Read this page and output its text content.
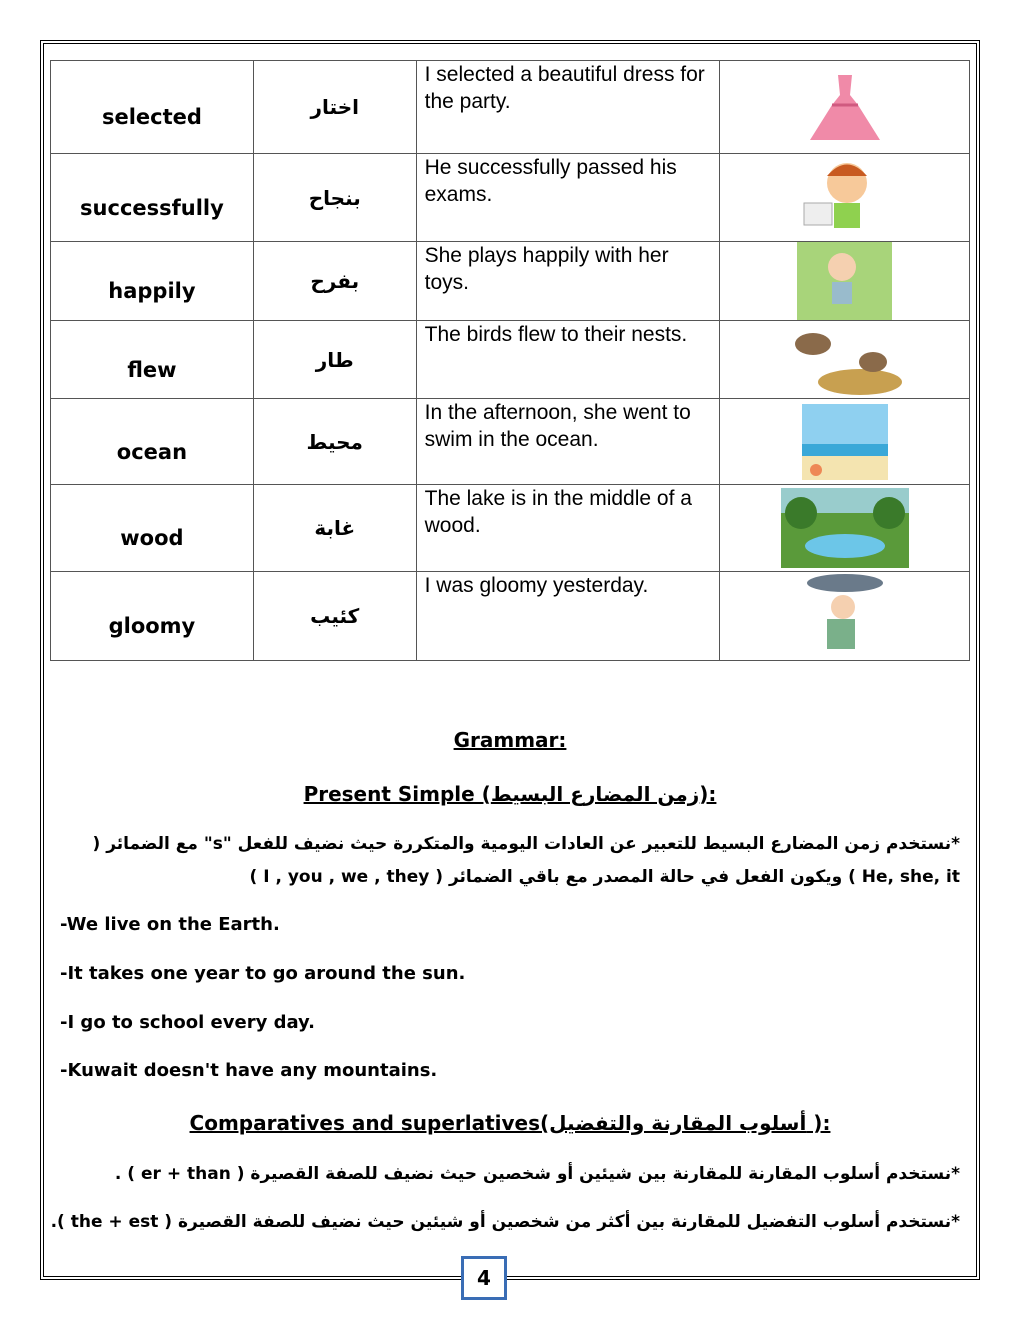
selected	اختار	I selected a beautiful dress for the party.	
successfully	بنجاح	He successfully passed his exams.	
happily	بفرح	She plays happily with her toys.	
flew	طار	The birds flew to their nests.	
ocean	محيط	In the afternoon, she went to swim in the ocean.	
wood	غابة	The lake is in the middle of a wood.	
gloomy	كئيب	I was gloomy yesterday.	
Grammar:
Present Simple (زمن المضارع البسيط):
*نستخدم زمن المضارع البسيط للتعبير عن العادات اليومية والمتكررة حيث نضيف للفعل "s" مع الضمائر ( He, she, it ) ويكون الفعل في حالة المصدر مع باقي الضمائر ( I , you , we , they )
-We live on the Earth.
-It takes one year to go around the sun.
-I go to school every day.
-Kuwait doesn't have any mountains.
Comparatives and superlatives(أسلوب المقارنة والتفضيل ):
*نستخدم أسلوب المقارنة للمقارنة بين شيئين أو شخصين حيث نضيف للصفة القصيرة ( er + than ) .
*نستخدم أسلوب التفضيل للمقارنة بين أكثر من شخصين أو شيئين حيث نضيف للصفة القصيرة ( the + est ).
4
